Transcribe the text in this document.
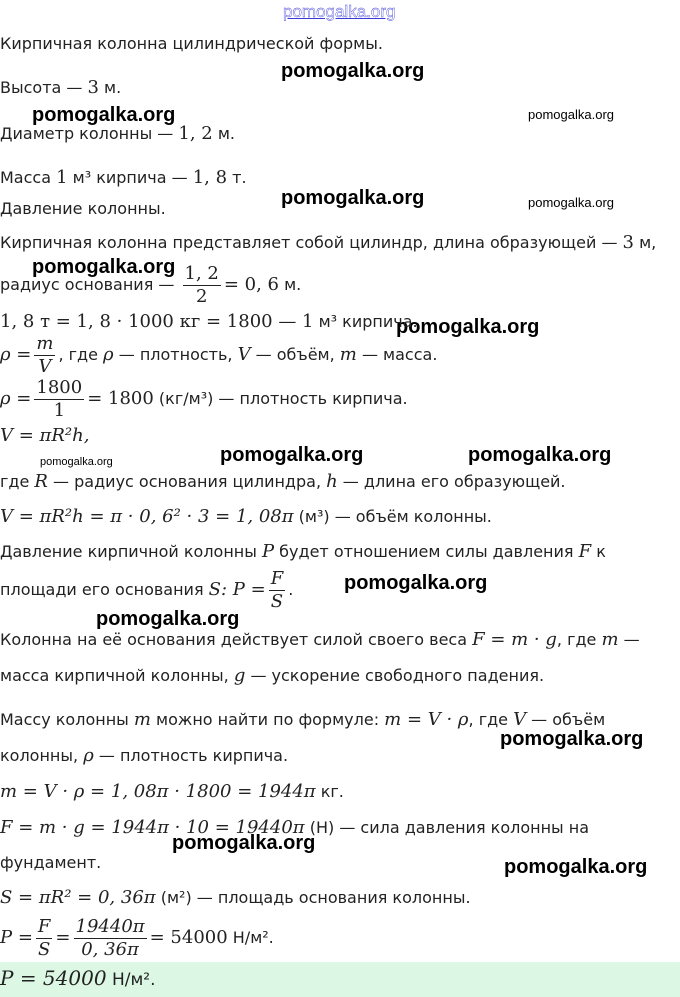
pomogalka.org
pomogalka.org
pomogalka.org	pomogalka.org
pomogalka.org	pomogalka.org
pomogalka.org
pomogalka.org
pomogalka.org	pomogalka.org
pomogalka.org
pomogalka.org
pomogalka.org
pomogalka.org
pomogalka.org
pomogalka.org
Кирпичная колонна цилиндрической формы.
Высота — 3 м.
Диаметр колонны — 1, 2 м.
Масса 1 м³ кирпича — 1, 8 т.
Давление колонны.
Кирпичная колонна представляет собой цилиндр, длина образующей — 3 м,
радиус основания — $\frac{1, 2}{2} = 0$, 6 м.
1, 8 т = 1, 8 · 1000 кг = 1800 — 1 м³ кирпича.
$\rho = \frac{m}{V}$ , где ρ — плотность, V — объём, m — масса.
$\rho = \frac{1800}{1} = 1800$ (кг/м³) — плотность кирпича.
V = πR²h,
где R — радиус основания цилиндра, h — длина его образующей.
V = πR²h = π · 0, 6² · 3 = 1, 08π (м³) — объём колонны.
Давление кирпичной колонны P будет отношением силы давления F к
площади его основания S: $P = \frac{F}{S}$ .
Колонна на её основания действует силой своего веса F = m · g, где m —
масса кирпичной колонны, g — ускорение свободного падения.
Массу колонны m можно найти по формуле: m = V · ρ, где V — объём
колонны, ρ — плотность кирпича.
m = V · ρ = 1, 08π · 1800 = 1944π кг.
F = m · g = 1944π · 10 = 19440π (Н) — сила давления колонны на
фундамент.
S = πR² = 0, 36π (м²) — площадь основания колонны.
$P = \frac{F}{S} = \frac{19440\pi}{0, 36\pi} = 54000$ Н/м².
P = 54000 Н/м².
